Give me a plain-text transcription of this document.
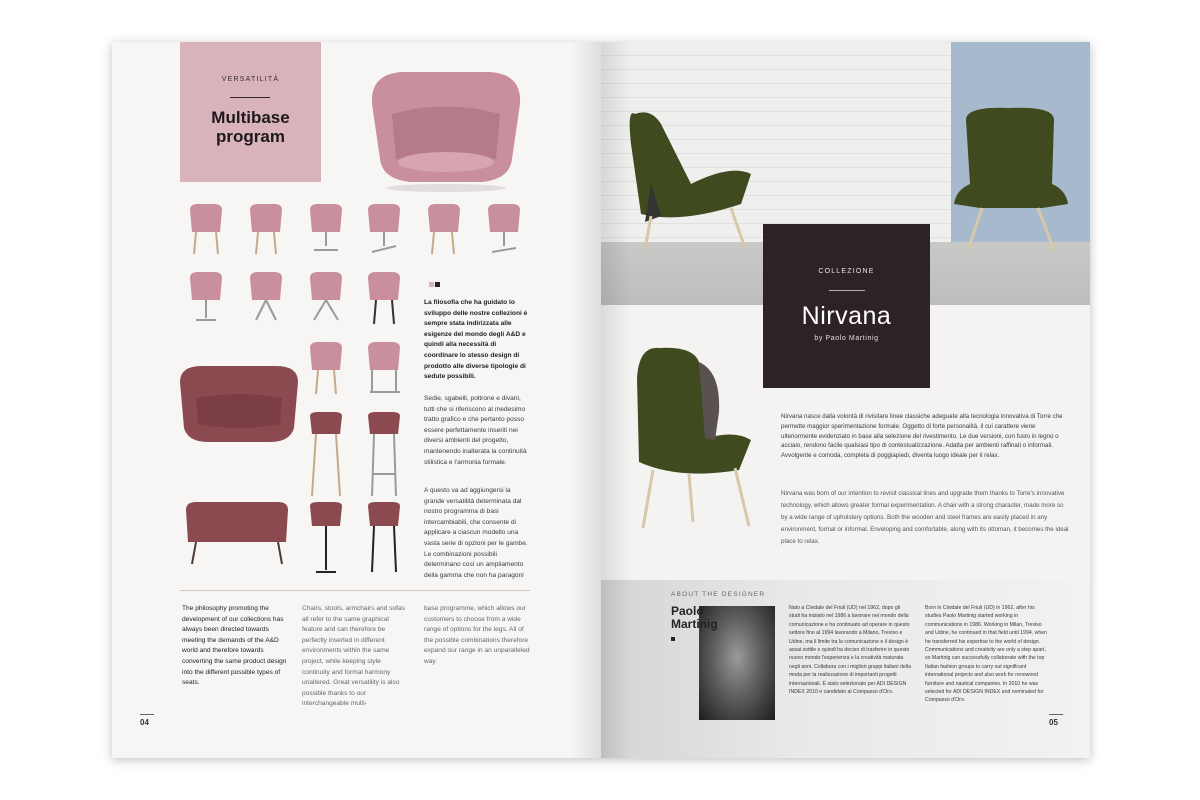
VERSATILITÀ
Multibase
program
La filosofia che ha guidato lo sviluppo delle nostre collezioni è sempre stata indirizzata alle esigenze del mondo degli A&D e quindi alla necessità di coordinare lo stesso design di prodotto alle diverse tipologie di sedute possibili.
Sedie, sgabelli, poltrone e divani, tutti che si riferiscono al medesimo tratto grafico e che pertanto posso essere perfettamente inseriti nei diversi ambienti del progetto, mantenendo inalterata la continuità stilistica e l'armonia formale.
A questo va ad aggiungersi la grande versatilità determinata dal nostro programma di basi intercambiabili, che consente di applicare a ciascun modello una vasta serie di opzioni per le gambe. Le combinazioni possibili determinano così un ampliamento della gamma che non ha paragoni
The philosophy promoting the development of our collections has always been directed towards meeting the demands of the A&D world and therefore towards converting the same product design into the different possible types of seats.
Chairs, stools, armchairs and sofas all refer to the same graphical feature and can therefore be perfectly inserted in different environments within the same project, while keeping style continuity and formal harmony unaltered. Great versatility is also possible thanks to our interchangeable multi-
base programme, which allows our customers to choose from a wide range of options for the legs. All of the possible combinations therefore expand our range in an unparalleled way.
04
COLLEZIONE
Nirvana
by Paolo Martinig
Nirvana nasce dalla volontà di rivisitare linee classiche adeguate alla tecnologia innovativa di Torre che permette maggior sperimentazione formale. Oggetto di forte personalità, il cui carattere viene ulteriormente evidenziato in base alla selezione del rivestimento. Le due versioni, con fusto in legno o acciaio, rendono facile qualsiasi tipo di contestualizzazione. Adatta per ambienti raffinati o informali. Avvolgente e comoda, completa di poggiapiedi, diventa luogo ideale per il relax.
Nirvana was born of our intention to revisit classical lines and upgrade them thanks to Torre's innovative technology, which allows greater formal experimentation. A chair with a strong character, made more so by a wide range of upholstery options. Both the wooden and steel frames are easily placed in any environment, formal or informal. Enveloping and comfortable, along with its ottoman, it becomes the ideal place to relax.
ABOUT THE DESIGNER
Paolo
Martinig
Nato a Cividale del Friuli (UD) nel 1962, dopo gli studi ha iniziato nel 1986 a lavorare nel mondo della comunicazione e ha continuato ad operare in questo settore fino al 1994 lavorando a Milano, Treviso e Udine, ma il limite tra la comunicazione e il design è assai sottile e quindi ha deciso di trasferire in questo nuovo mondo l'esperienza e la creatività maturata negli anni. Collabora con i migliori gruppi italiani della moda per la realizzazione di importanti progetti internazionali. È stato selezionato per ADI DESIGN INDEX 2010 e candidato al Compasso d'Oro.
Born in Cividale del Friuli (UD) in 1962, after his studies Paolo Martinig started working in communications in 1986. Working in Milan, Treviso and Udine, he continued in that field until 1994, when he transferred his expertise to the world of design. Communications and creativity are only a step apart, so Martinig can successfully collaborate with the top Italian fashion groups to carry out significant international projects and also work for renowned furniture and nautical companies. In 2010 he was selected for ADI DESIGN INDEX and nominated for Compasso d'Oro.
05
